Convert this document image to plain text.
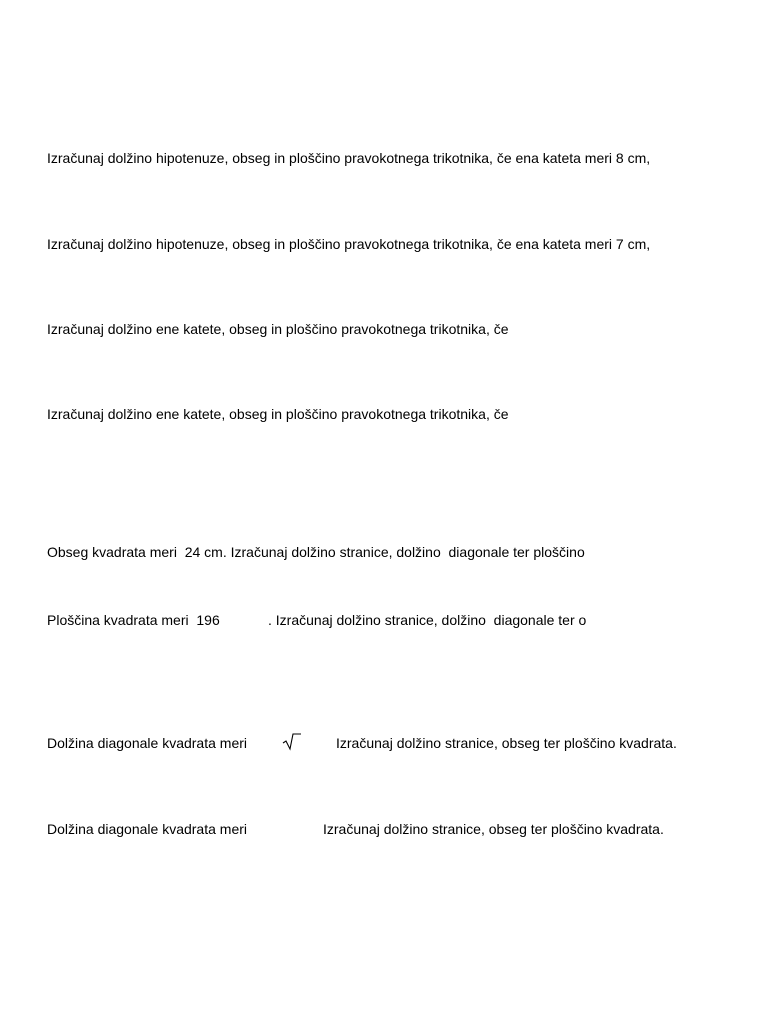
Izračunaj dolžino hipotenuze, obseg in ploščino pravokotnega trikotnika, če ena kateta meri 8 cm,
Izračunaj dolžino hipotenuze, obseg in ploščino pravokotnega trikotnika, če ena kateta meri 7 cm,
Izračunaj dolžino ene katete, obseg in ploščino pravokotnega trikotnika, če
Izračunaj dolžino ene katete, obseg in ploščino pravokotnega trikotnika, če
Obseg kvadrata meri  24 cm. Izračunaj dolžino stranice, dolžino  diagonale ter ploščino
Ploščina kvadrata meri  196	. Izračunaj dolžino stranice, dolžino  diagonale ter o
Dolžina diagonale kvadrata meri	Izračunaj dolžino stranice, obseg ter ploščino kvadrata.
Dolžina diagonale kvadrata meri	Izračunaj dolžino stranice, obseg ter ploščino kvadrata.
